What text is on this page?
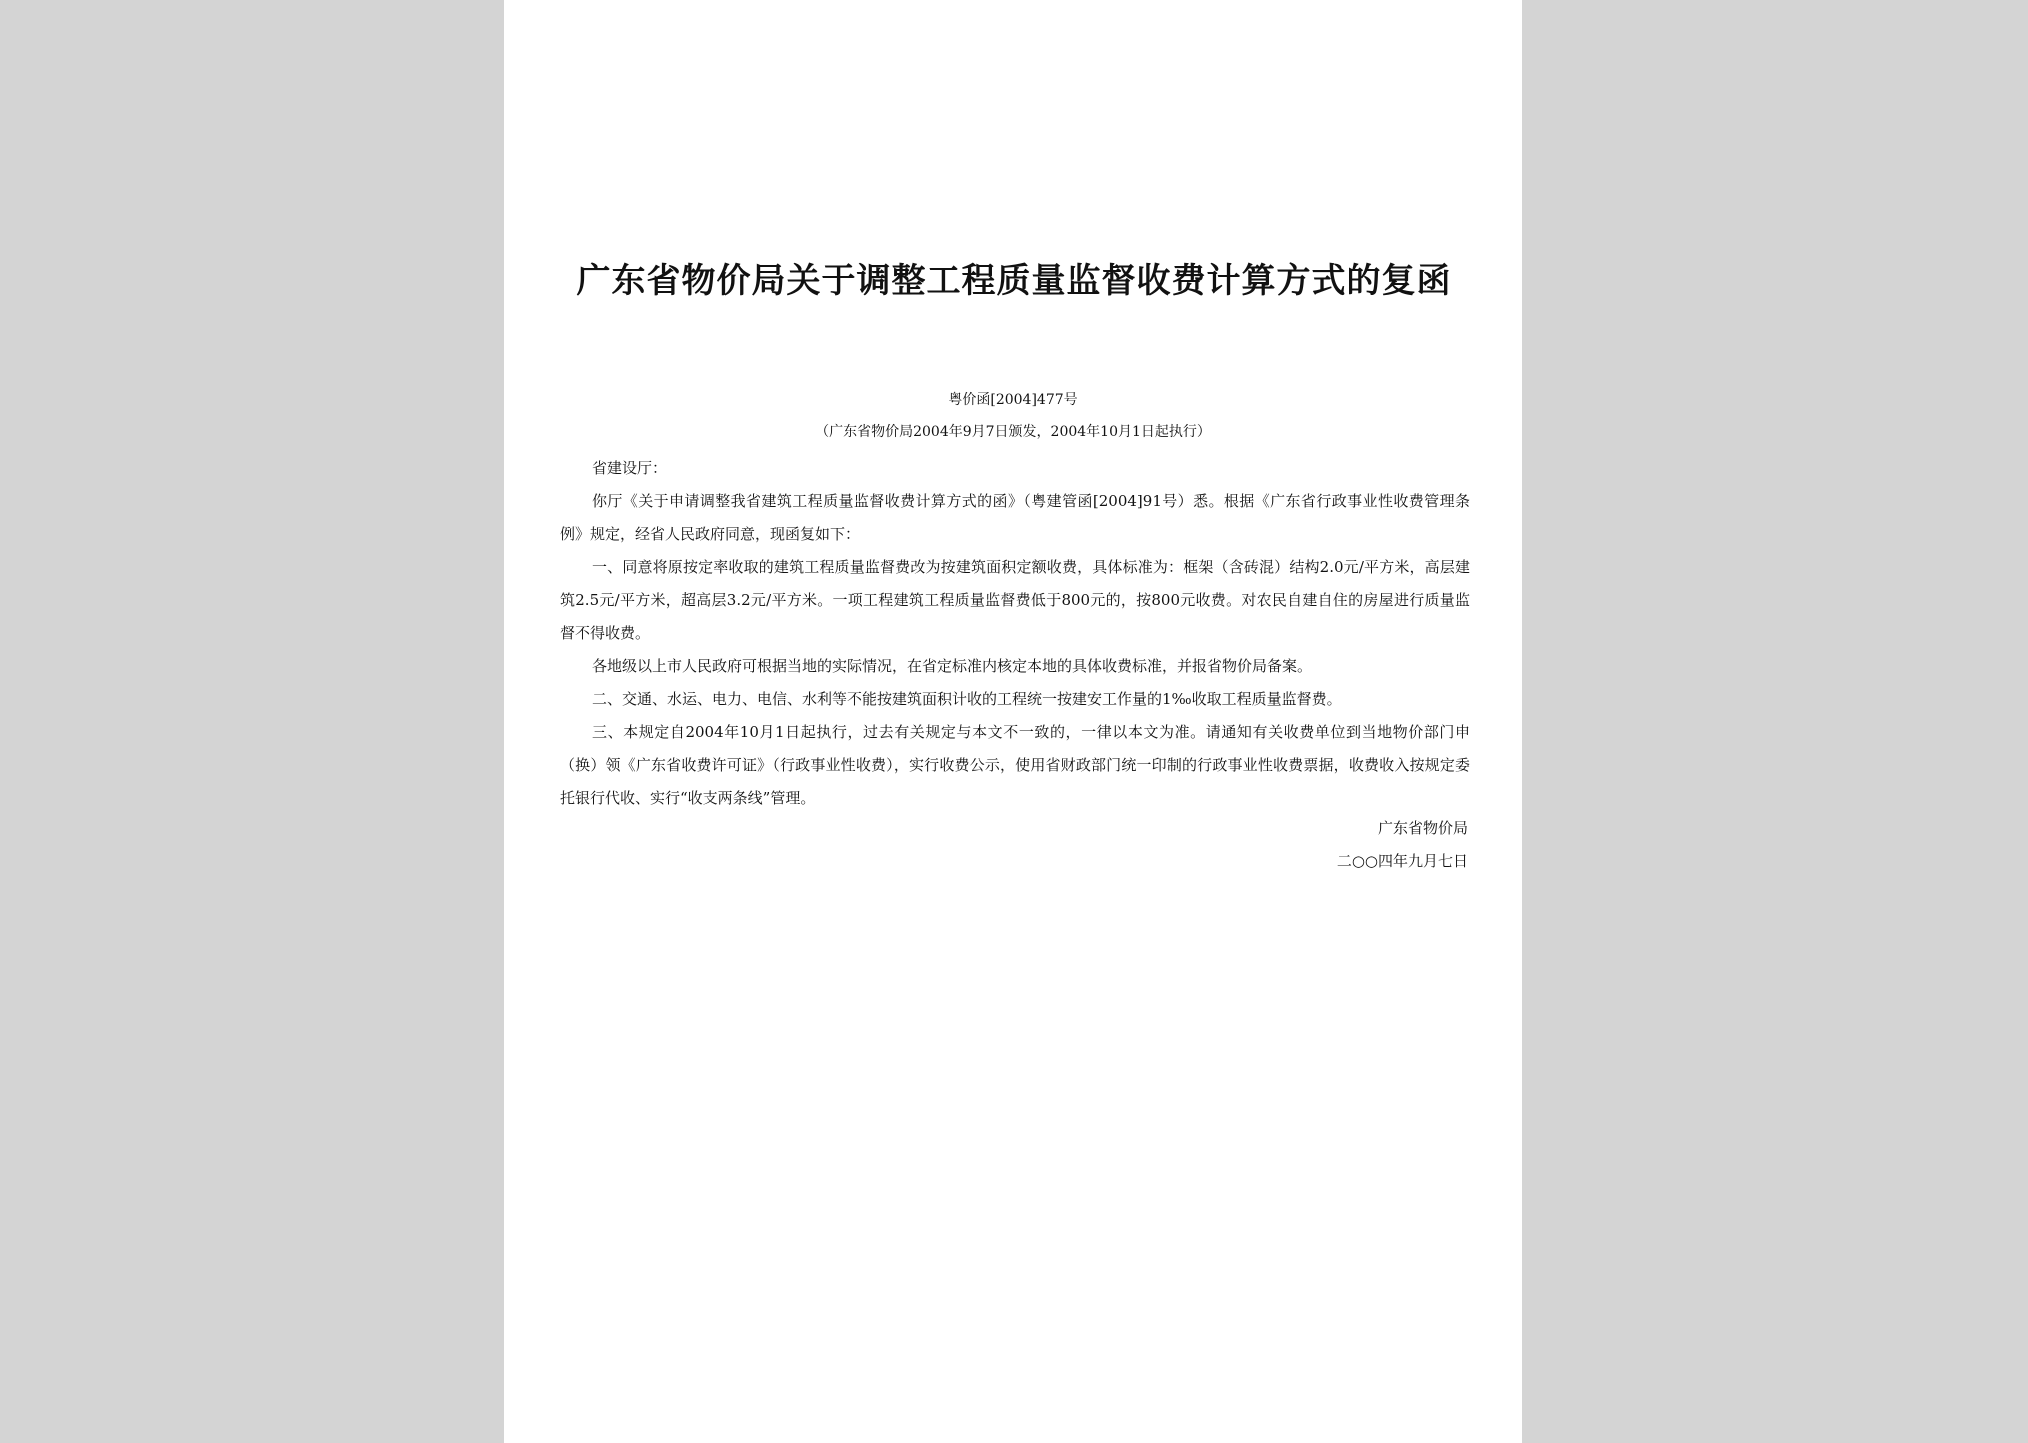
广东省物价局关于调整工程质量监督收费计算方式的复函

粤价函[2004]477号

（广东省物价局2004年9月7日颁发，2004年10月1日起执行）

省建设厅：

你厅《关于申请调整我省建筑工程质量监督收费计算方式的函》（粤建管函[2004]91号）悉。根据《广东省行政事业性收费管理条例》规定，经省人民政府同意，现函复如下：

一、同意将原按定率收取的建筑工程质量监督费改为按建筑面积定额收费，具体标准为：框架（含砖混）结构2.0元/平方米，高层建筑2.5元/平方米，超高层3.2元/平方米。一项工程建筑工程质量监督费低于800元的，按800元收费。对农民自建自住的房屋进行质量监督不得收费。

各地级以上市人民政府可根据当地的实际情况，在省定标准内核定本地的具体收费标准，并报省物价局备案。

二、交通、水运、电力、电信、水利等不能按建筑面积计收的工程统一按建安工作量的1‰收取工程质量监督费。

三、本规定自2004年10月1日起执行，过去有关规定与本文不一致的，一律以本文为准。请通知有关收费单位到当地物价部门申（换）领《广东省收费许可证》（行政事业性收费），实行收费公示，使用省财政部门统一印制的行政事业性收费票据，收费收入按规定委托银行代收、实行“收支两条线”管理。

广东省物价局
二○○四年九月七日
